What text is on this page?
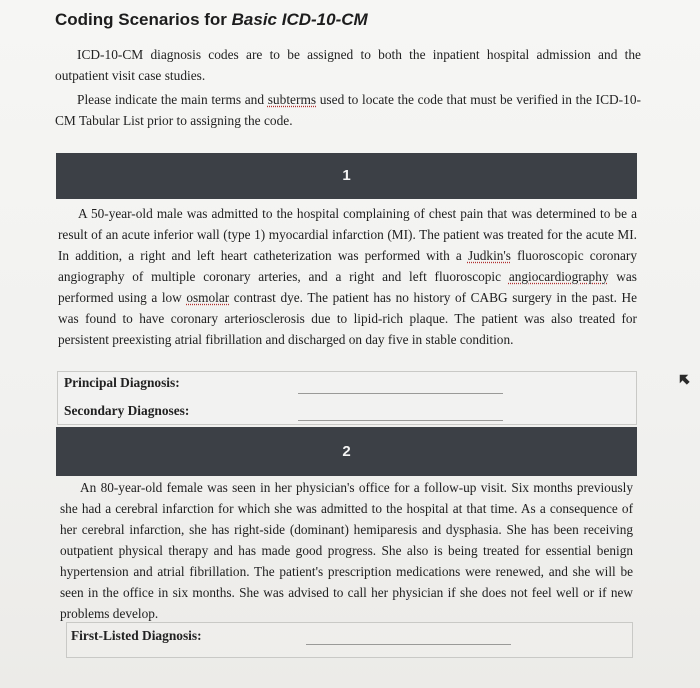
Coding Scenarios for Basic ICD-10-CM
ICD-10-CM diagnosis codes are to be assigned to both the inpatient hospital admission and the outpatient visit case studies.
Please indicate the main terms and subterms used to locate the code that must be verified in the ICD-10-CM Tabular List prior to assigning the code.
1

A 50-year-old male was admitted to the hospital complaining of chest pain that was determined to be a result of an acute inferior wall (type 1) myocardial infarction (MI). The patient was treated for the acute MI. In addition, a right and left heart catheterization was performed with a Judkin's fluoroscopic coronary angiography of multiple coronary arteries, and a right and left fluoroscopic angiocardiography was performed using a low osmolar contrast dye. The patient has no history of CABG surgery in the past. He was found to have coronary arteriosclerosis due to lipid-rich plaque. The patient was also treated for persistent preexisting atrial fibrillation and discharged on day five in stable condition.

Principal Diagnosis:
Secondary Diagnoses:
2

An 80-year-old female was seen in her physician's office for a follow-up visit. Six months previously she had a cerebral infarction for which she was admitted to the hospital at that time. As a consequence of her cerebral infarction, she has right-side (dominant) hemiparesis and dysphasia. She has been receiving outpatient physical therapy and has made good progress. She also is being treated for essential benign hypertension and atrial fibrillation. The patient's prescription medications were renewed, and she will be seen in the office in six months. She was advised to call her physician if she does not feel well or if new problems develop.

First-Listed Diagnosis:
